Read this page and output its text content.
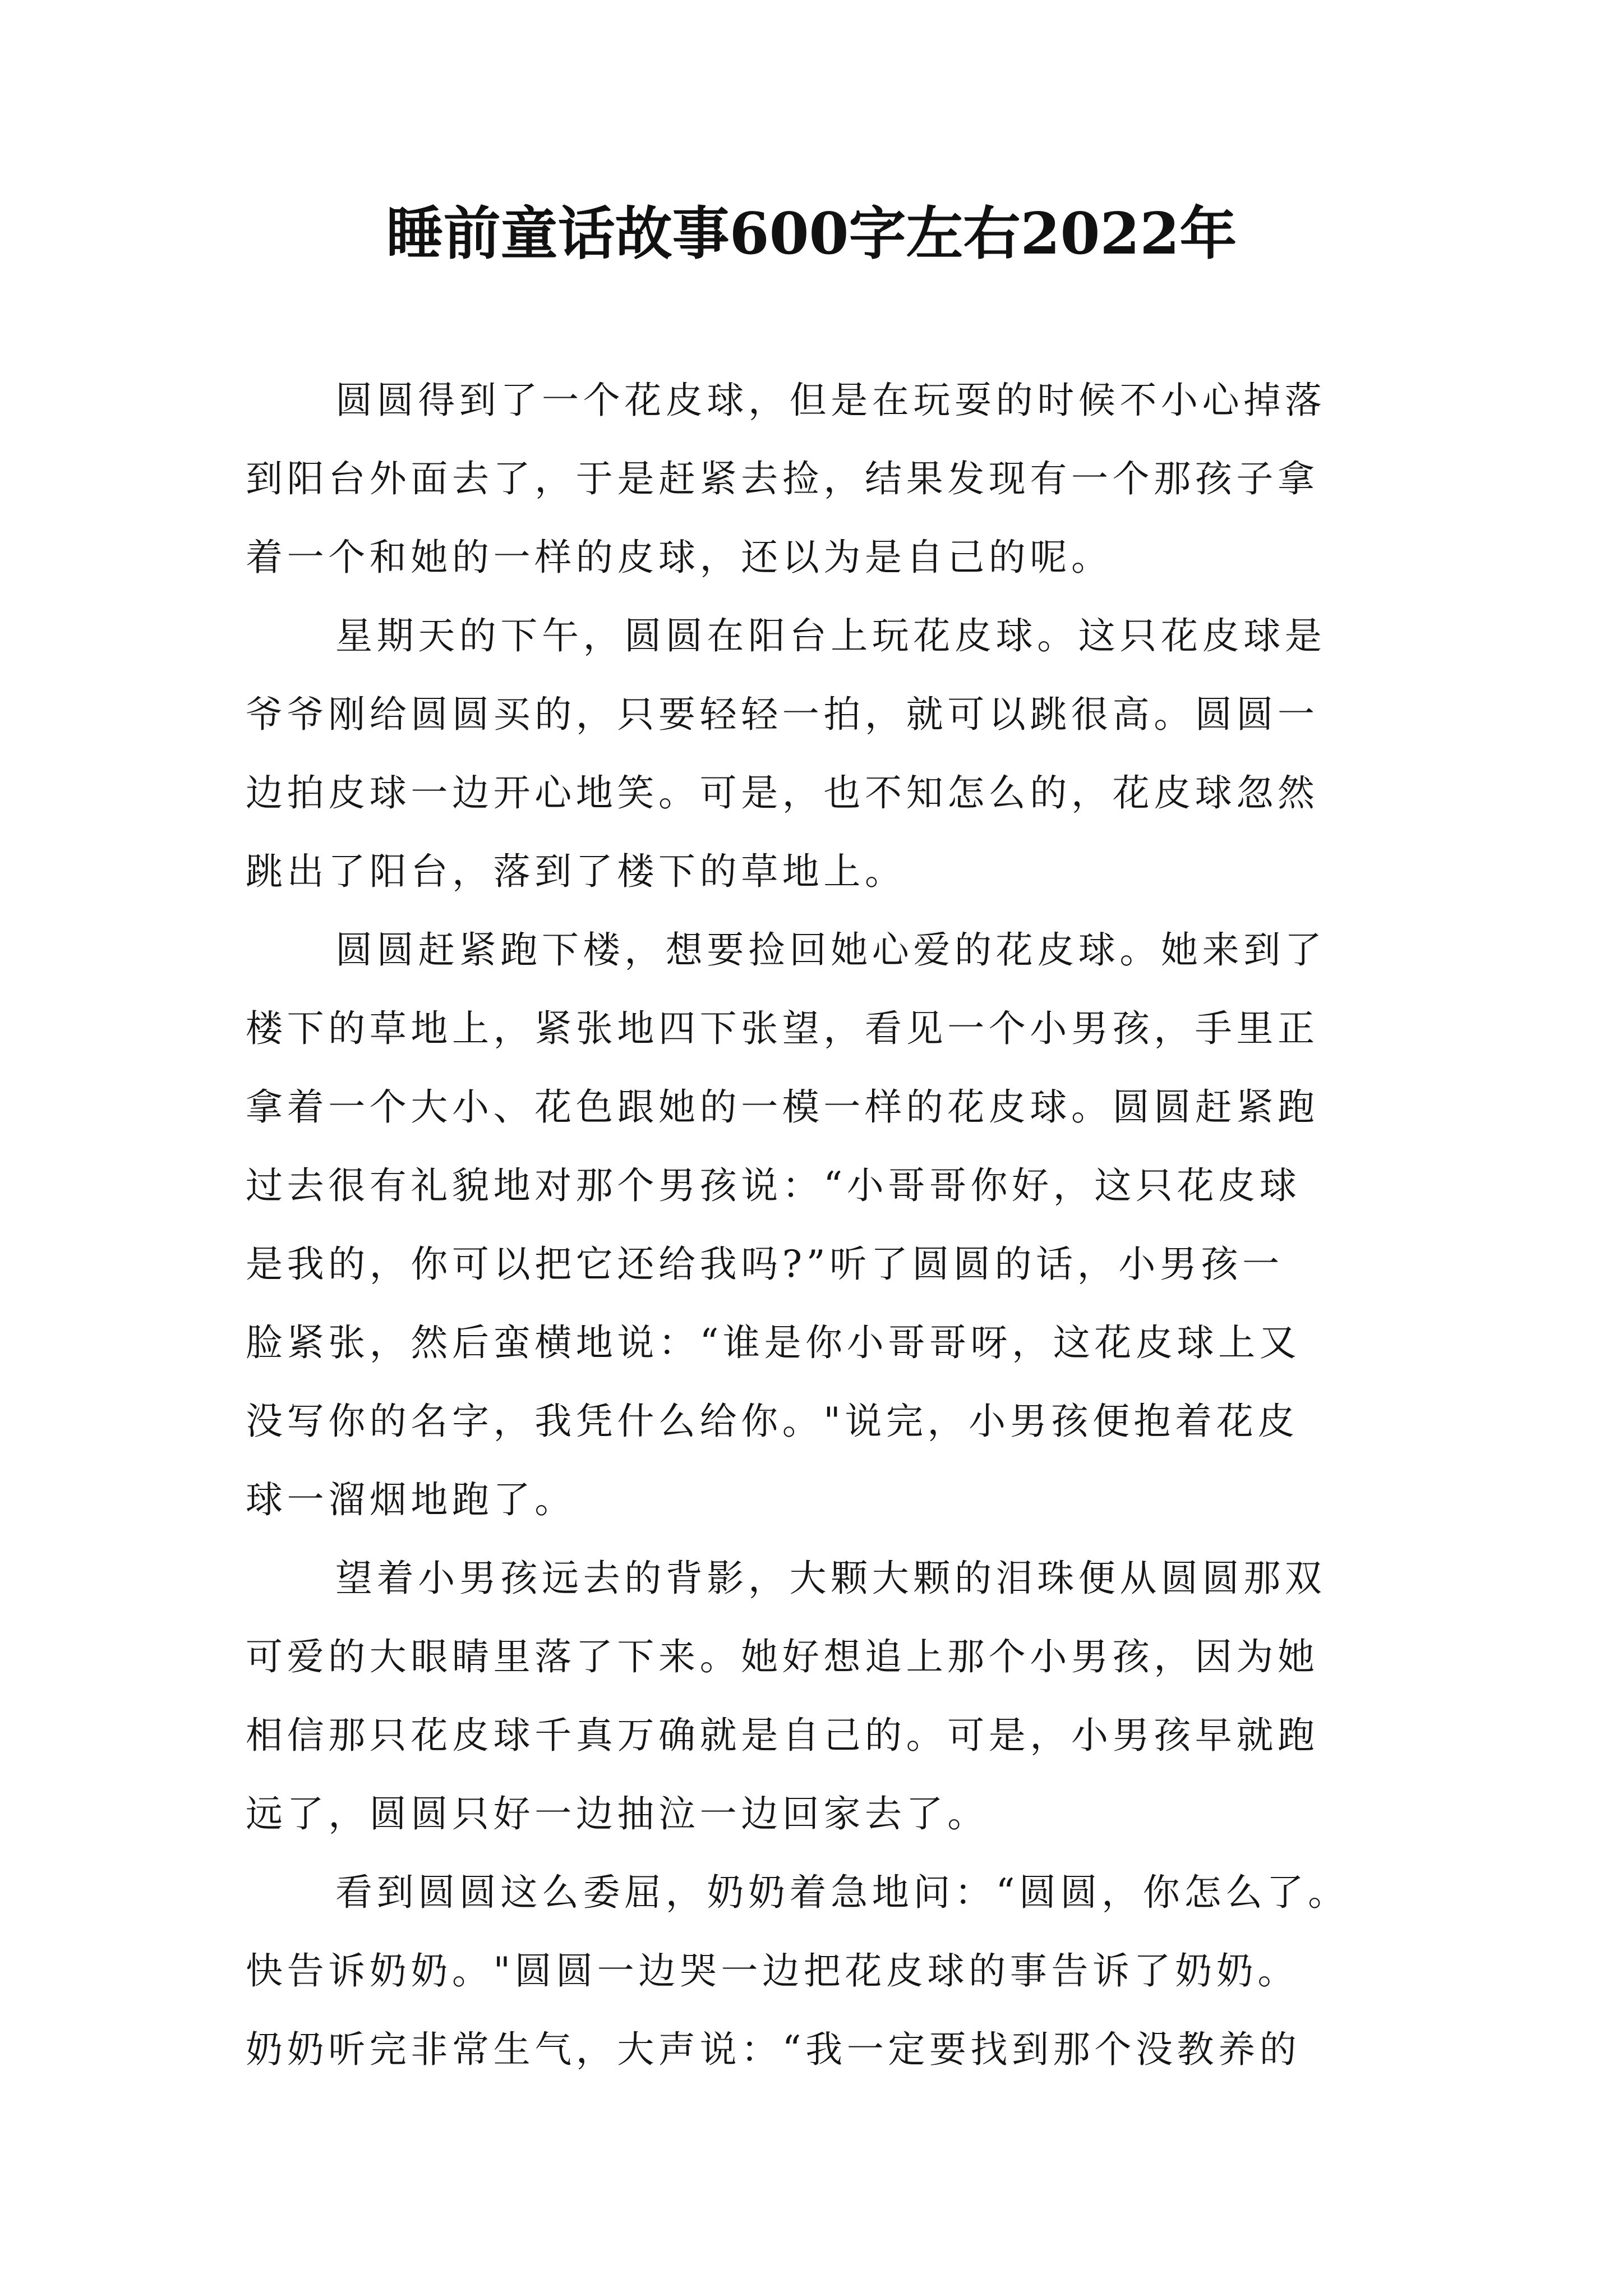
睡前童话故事600字左右2022年
圆圆得到了一个花皮球，但是在玩耍的时候不小心掉落
到阳台外面去了，于是赶紧去捡，结果发现有一个那孩子拿
着一个和她的一样的皮球，还以为是自己的呢。
星期天的下午，圆圆在阳台上玩花皮球。这只花皮球是
爷爷刚给圆圆买的，只要轻轻一拍，就可以跳很高。圆圆一
边拍皮球一边开心地笑。可是，也不知怎么的，花皮球忽然
跳出了阳台，落到了楼下的草地上。
圆圆赶紧跑下楼，想要捡回她心爱的花皮球。她来到了
楼下的草地上，紧张地四下张望，看见一个小男孩，手里正
拿着一个大小、花色跟她的一模一样的花皮球。圆圆赶紧跑
过去很有礼貌地对那个男孩说：“小哥哥你好，这只花皮球
是我的，你可以把它还给我吗?”听了圆圆的话，小男孩一
脸紧张，然后蛮横地说：“谁是你小哥哥呀，这花皮球上又
没写你的名字，我凭什么给你。"说完，小男孩便抱着花皮
球一溜烟地跑了。
望着小男孩远去的背影，大颗大颗的泪珠便从圆圆那双
可爱的大眼睛里落了下来。她好想追上那个小男孩，因为她
相信那只花皮球千真万确就是自己的。可是，小男孩早就跑
远了，圆圆只好一边抽泣一边回家去了。
看到圆圆这么委屈，奶奶着急地问：“圆圆，你怎么了。
快告诉奶奶。"圆圆一边哭一边把花皮球的事告诉了奶奶。
奶奶听完非常生气，大声说：“我一定要找到那个没教养的
